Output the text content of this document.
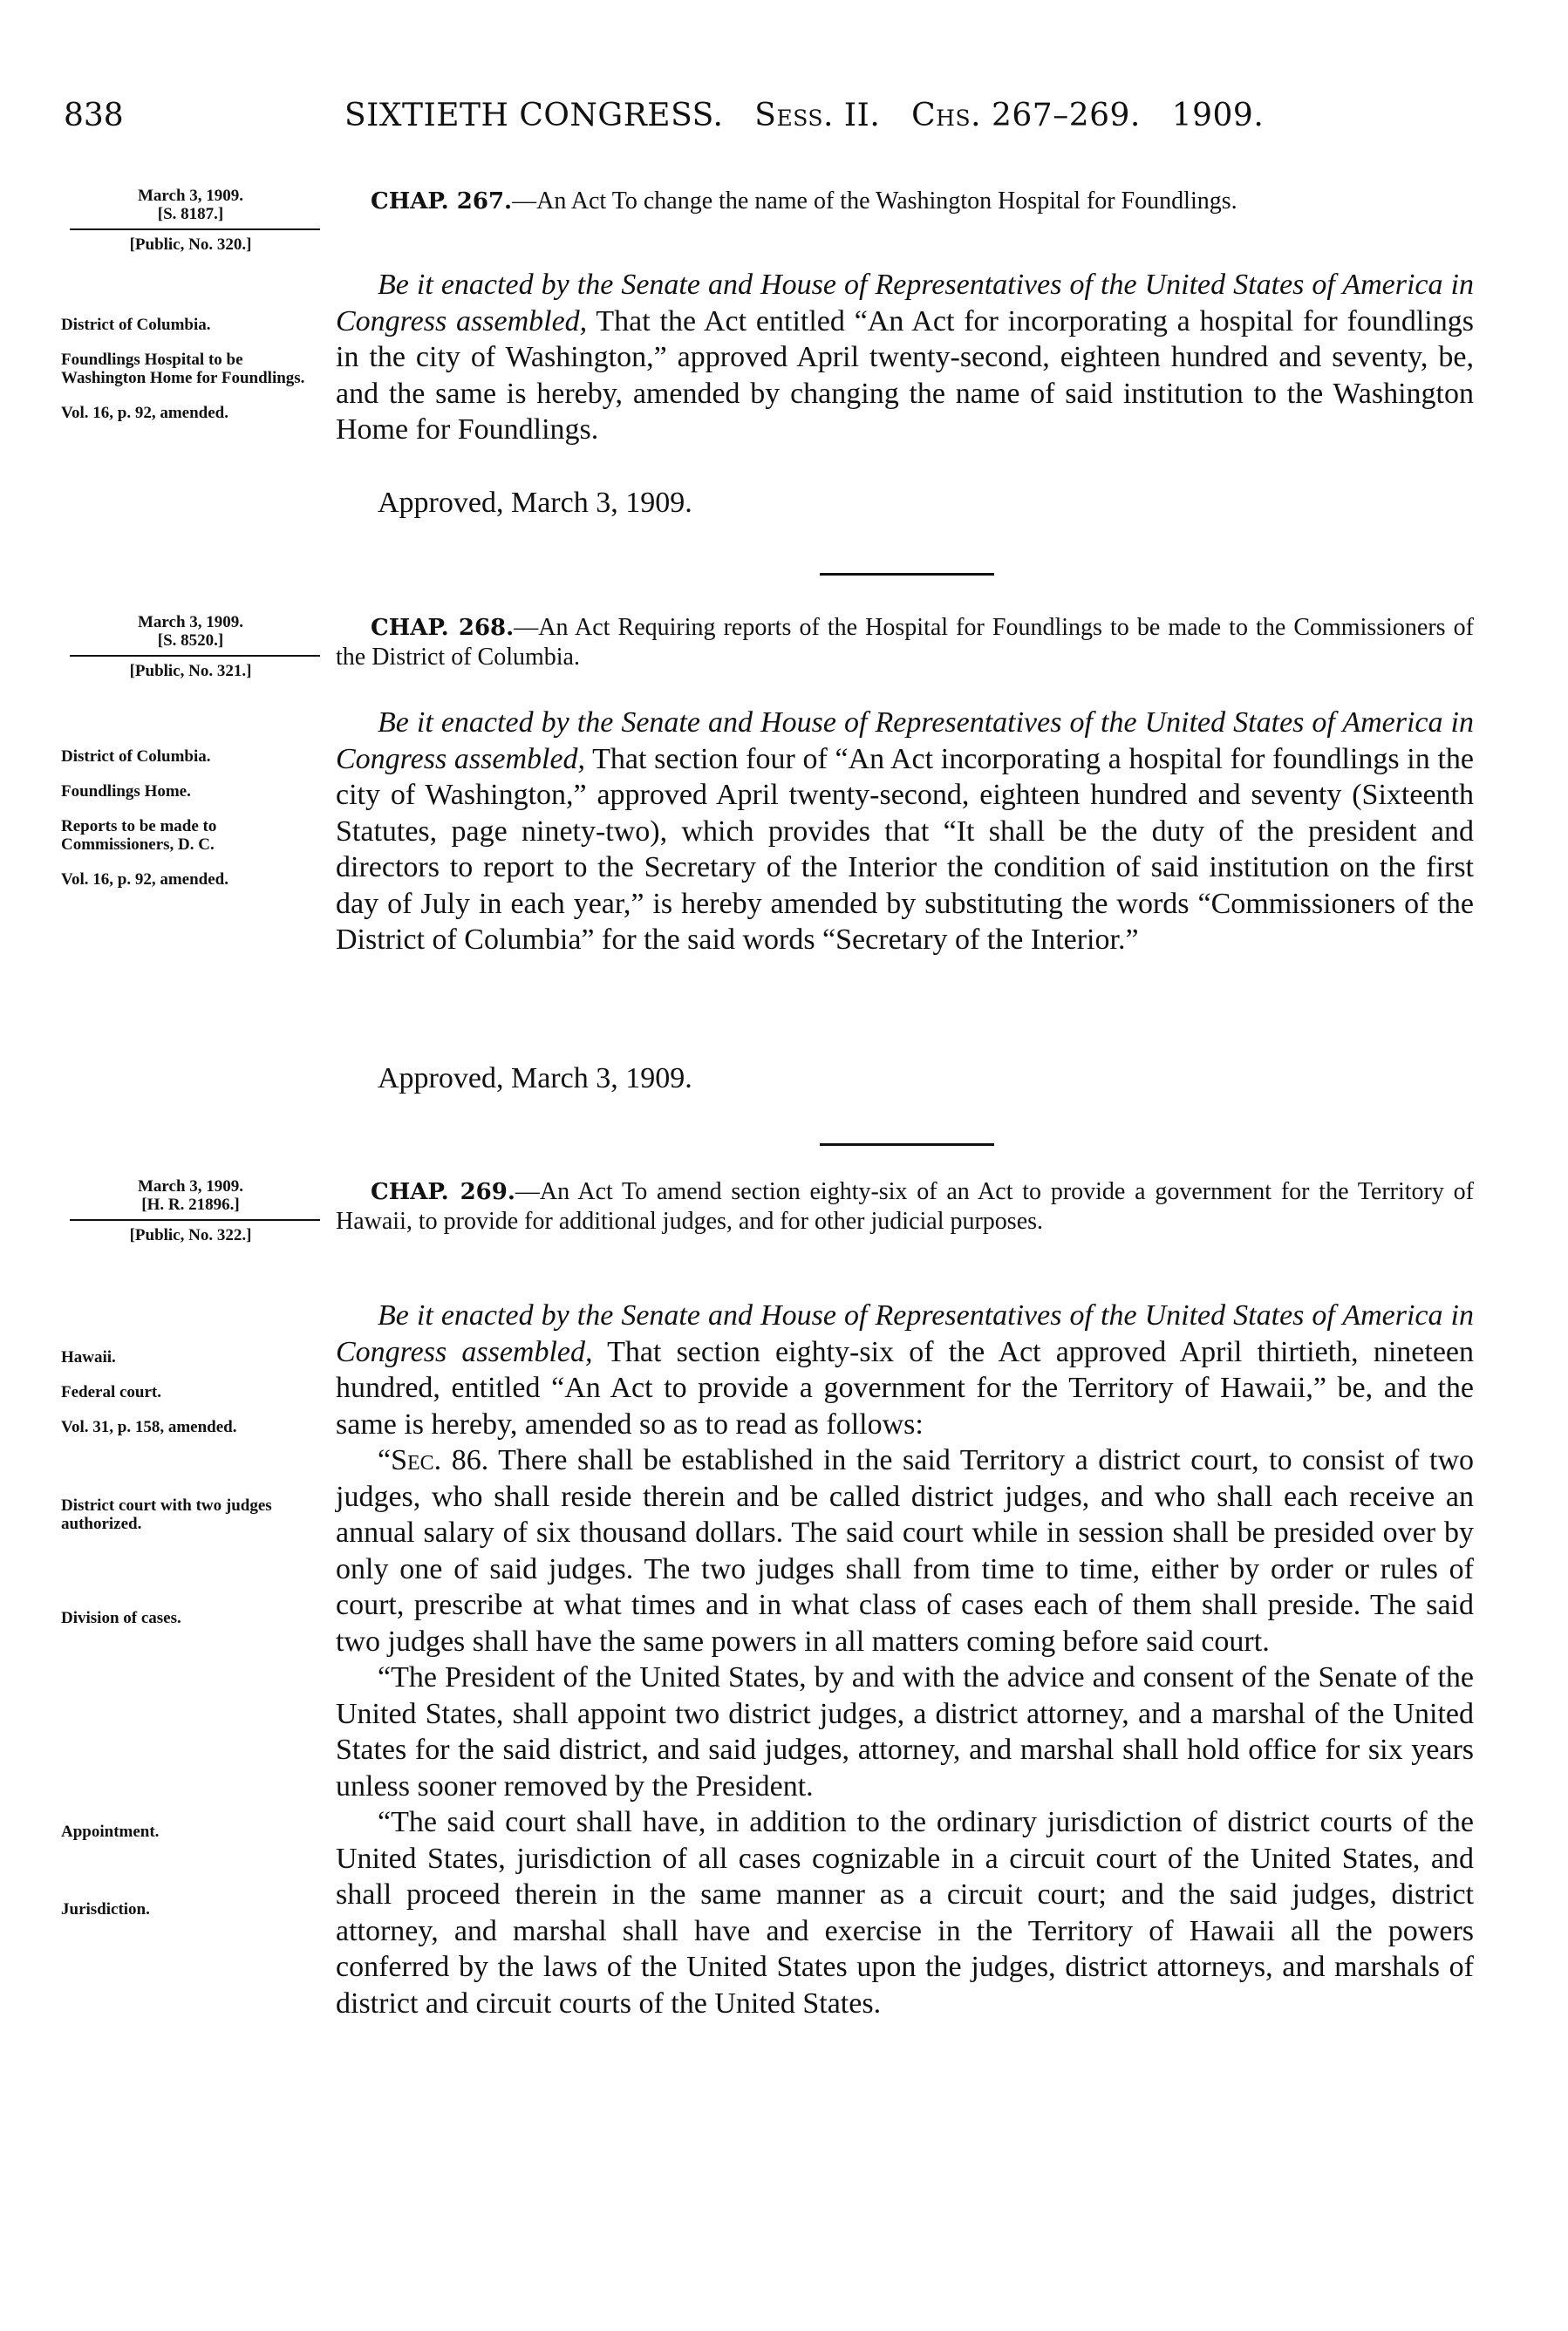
838	SIXTIETH CONGRESS. Sess. II. Chs. 267–269. 1909.
March 3, 1909.
[S. 8187.]
[Public, No. 320.]

District of Columbia.

Foundlings Hospital to be Washington Home for Foundlings.

Vol. 16, p. 92, amended.

CHAP. 267.—An Act To change the name of the Washington Hospital for Foundlings.

Be it enacted by the Senate and House of Representatives of the United States of America in Congress assembled, That the Act entitled “An Act for incorporating a hospital for foundlings in the city of Washington,” approved April twenty-second, eighteen hundred and seventy, be, and the same is hereby, amended by changing the name of said institution to the Washington Home for Foundlings.

Approved, March 3, 1909.
March 3, 1909.
[S. 8520.]
[Public, No. 321.]

District of Columbia.

Foundlings Home.

Reports to be made to Commissioners, D. C.

Vol. 16, p. 92, amended.

CHAP. 268.—An Act Requiring reports of the Hospital for Foundlings to be made to the Commissioners of the District of Columbia.

Be it enacted by the Senate and House of Representatives of the United States of America in Congress assembled, That section four of “An Act incorporating a hospital for foundlings in the city of Washington,” approved April twenty-second, eighteen hundred and seventy (Sixteenth Statutes, page ninety-two), which provides that “It shall be the duty of the president and directors to report to the Secretary of the Interior the condition of said institution on the first day of July in each year,” is hereby amended by substituting the words “Commissioners of the District of Columbia” for the said words “Secretary of the Interior.”

Approved, March 3, 1909.
March 3, 1909.
[H. R. 21896.]
[Public, No. 322.]

Hawaii.

Federal court.

Vol. 31, p. 158, amended.

District court with two judges authorized.

Division of cases.

Appointment.

Jurisdiction.

CHAP. 269.—An Act To amend section eighty-six of an Act to provide a government for the Territory of Hawaii, to provide for additional judges, and for other judicial purposes.

Be it enacted by the Senate and House of Representatives of the United States of America in Congress assembled, That section eighty-six of the Act approved April thirtieth, nineteen hundred, entitled “An Act to provide a government for the Territory of Hawaii,” be, and the same is hereby, amended so as to read as follows:

“Sec. 86. There shall be established in the said Territory a district court, to consist of two judges, who shall reside therein and be called district judges, and who shall each receive an annual salary of six thousand dollars. The said court while in session shall be presided over by only one of said judges. The two judges shall from time to time, either by order or rules of court, prescribe at what times and in what class of cases each of them shall preside. The said two judges shall have the same powers in all matters coming before said court.

“The President of the United States, by and with the advice and consent of the Senate of the United States, shall appoint two district judges, a district attorney, and a marshal of the United States for the said district, and said judges, attorney, and marshal shall hold office for six years unless sooner removed by the President.

“The said court shall have, in addition to the ordinary jurisdiction of district courts of the United States, jurisdiction of all cases cognizable in a circuit court of the United States, and shall proceed therein in the same manner as a circuit court; and the said judges, district attorney, and marshal shall have and exercise in the Territory of Hawaii all the powers conferred by the laws of the United States upon the judges, district attorneys, and marshals of district and circuit courts of the United States.
